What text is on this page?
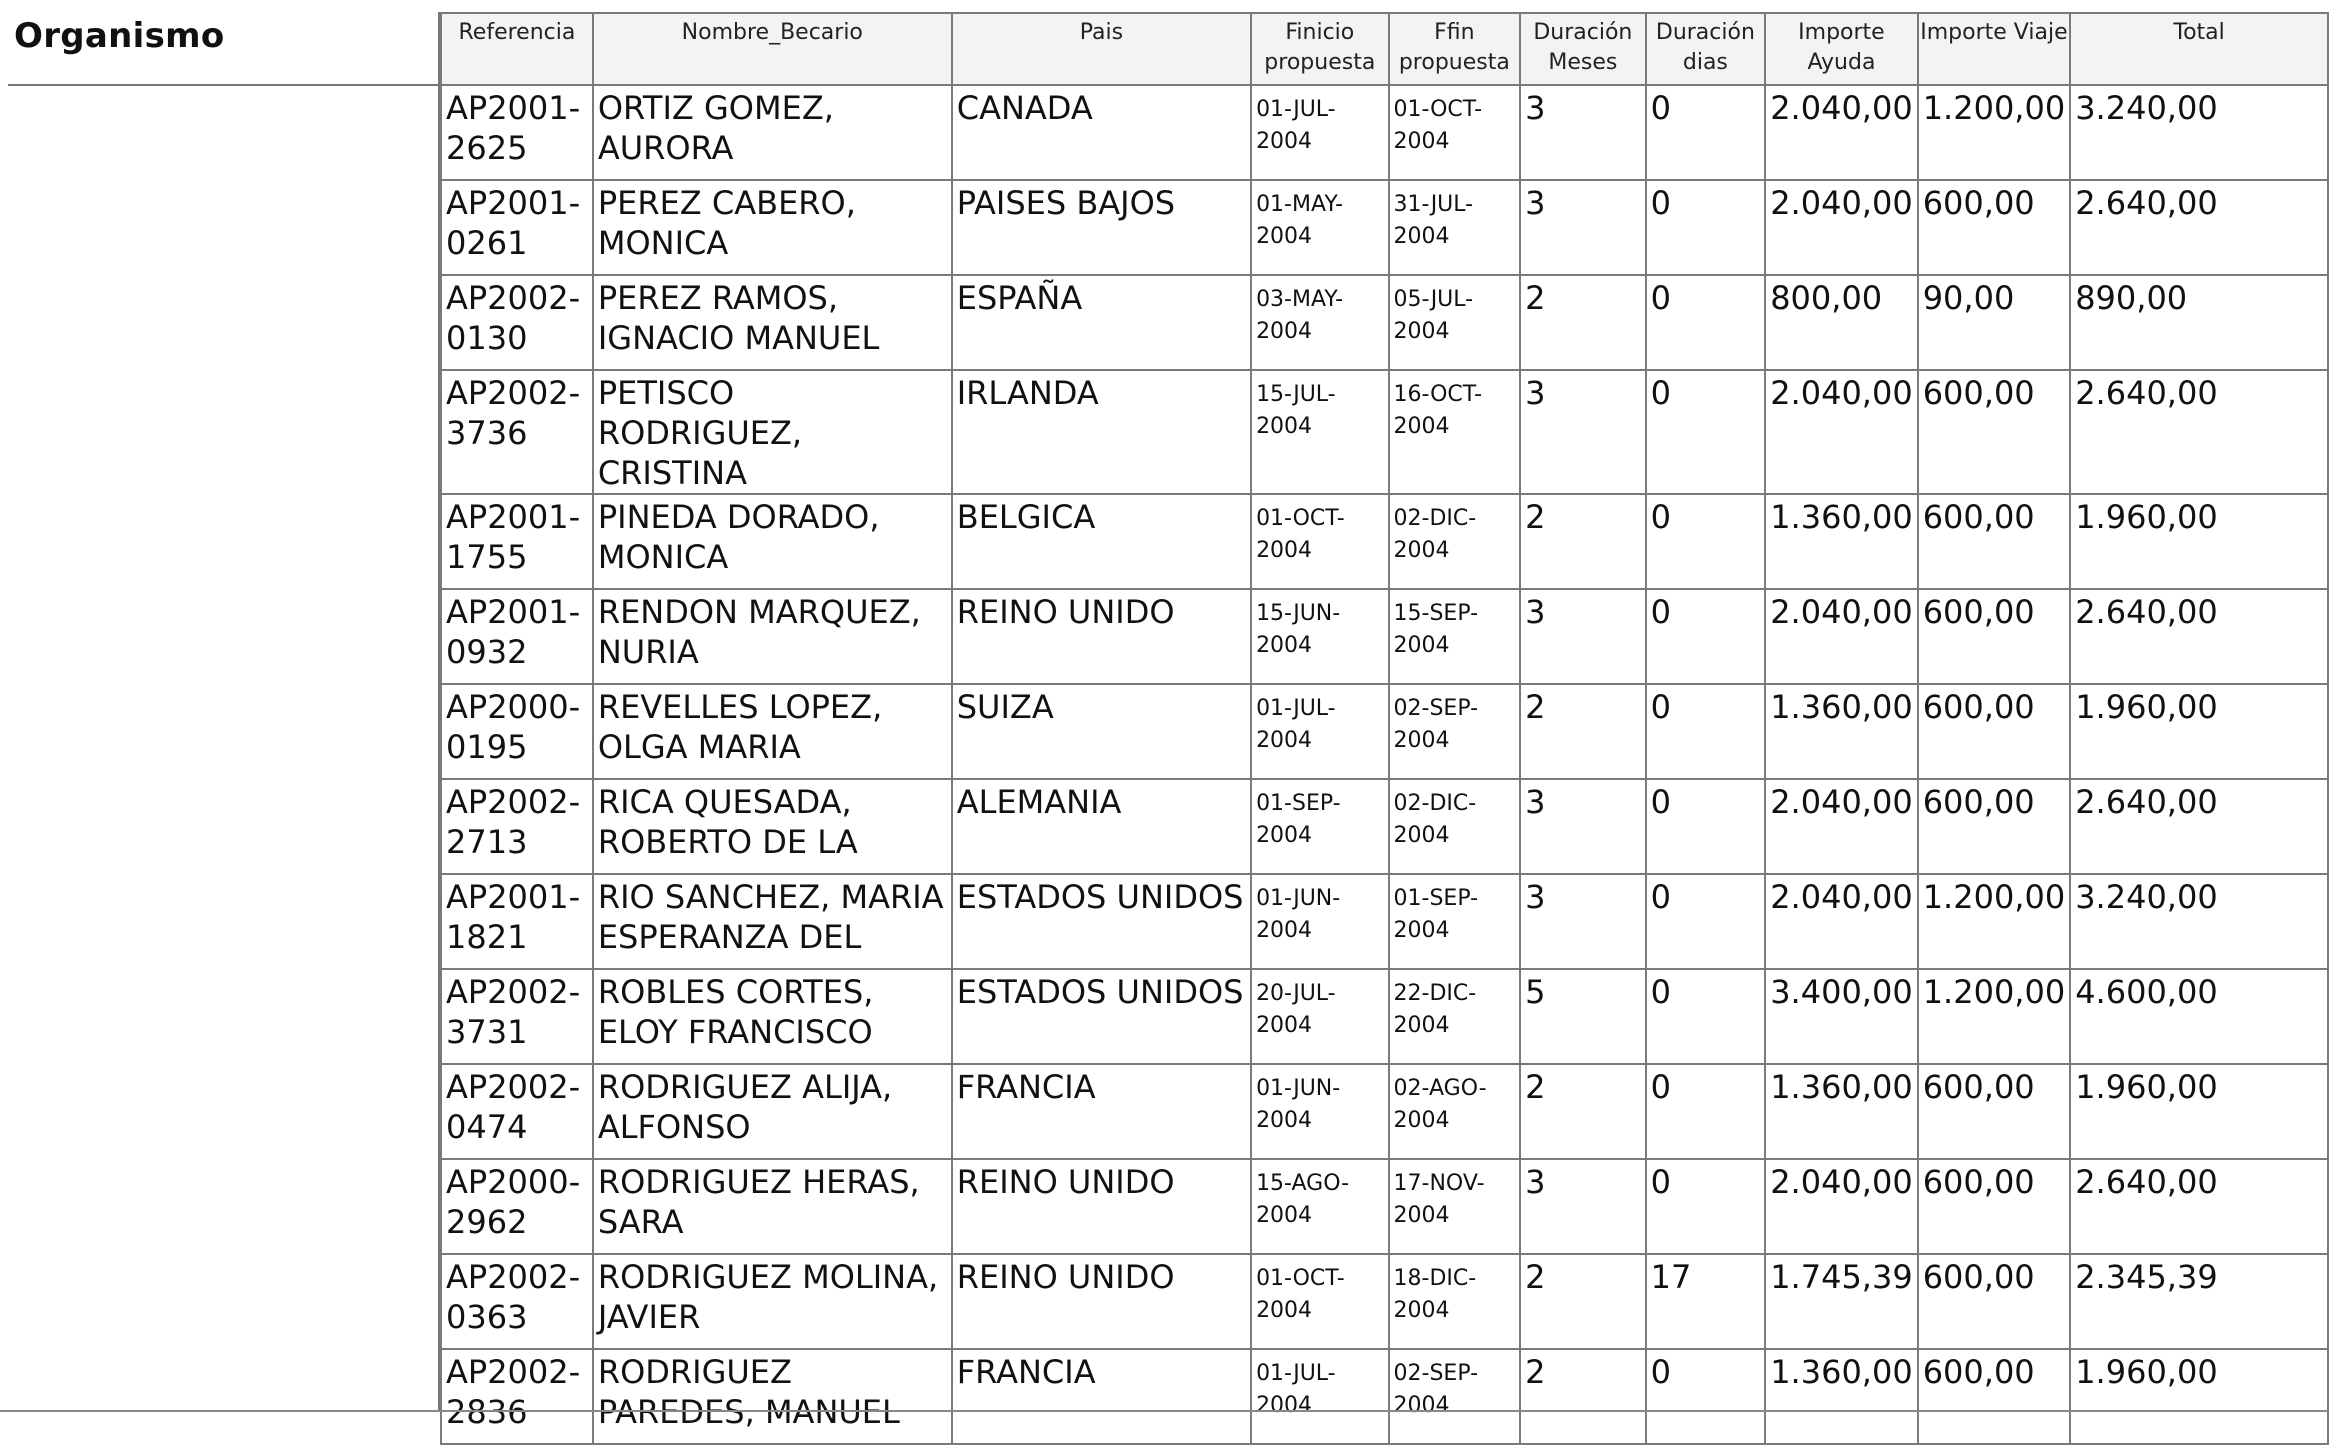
Organismo	Referencia	Nombre_Becario	Pais	Finicio propuesta	Ffin propuesta	Duración Meses	Duración dias	Importe Ayuda	Importe Viaje	Total
AP2001-2625	ORTIZ GOMEZ, AURORA	CANADA	01-JUL-2004	01-OCT-2004	3	0	2.040,00	1.200,00	3.240,00
AP2001-0261	PEREZ CABERO, MONICA	PAISES BAJOS	01-MAY-2004	31-JUL-2004	3	0	2.040,00	600,00	2.640,00
AP2002-0130	PEREZ RAMOS, IGNACIO MANUEL	ESPAÑA	03-MAY-2004	05-JUL-2004	2	0	800,00	90,00	890,00
AP2002-3736	PETISCO RODRIGUEZ, CRISTINA	IRLANDA	15-JUL-2004	16-OCT-2004	3	0	2.040,00	600,00	2.640,00
AP2001-1755	PINEDA DORADO, MONICA	BELGICA	01-OCT-2004	02-DIC-2004	2	0	1.360,00	600,00	1.960,00
AP2001-0932	RENDON MARQUEZ, NURIA	REINO UNIDO	15-JUN-2004	15-SEP-2004	3	0	2.040,00	600,00	2.640,00
AP2000-0195	REVELLES LOPEZ, OLGA MARIA	SUIZA	01-JUL-2004	02-SEP-2004	2	0	1.360,00	600,00	1.960,00
AP2002-2713	RICA QUESADA, ROBERTO DE LA	ALEMANIA	01-SEP-2004	02-DIC-2004	3	0	2.040,00	600,00	2.640,00
AP2001-1821	RIO SANCHEZ, MARIA ESPERANZA DEL	ESTADOS UNIDOS	01-JUN-2004	01-SEP-2004	3	0	2.040,00	1.200,00	3.240,00
AP2002-3731	ROBLES CORTES, ELOY FRANCISCO	ESTADOS UNIDOS	20-JUL-2004	22-DIC-2004	5	0	3.400,00	1.200,00	4.600,00
AP2002-0474	RODRIGUEZ ALIJA, ALFONSO	FRANCIA	01-JUN-2004	02-AGO-2004	2	0	1.360,00	600,00	1.960,00
AP2000-2962	RODRIGUEZ HERAS, SARA	REINO UNIDO	15-AGO-2004	17-NOV-2004	3	0	2.040,00	600,00	2.640,00
AP2002-0363	RODRIGUEZ MOLINA, JAVIER	REINO UNIDO	01-OCT-2004	18-DIC-2004	2	17	1.745,39	600,00	2.345,39
AP2002-2836	RODRIGUEZ PAREDES, MANUEL	FRANCIA	01-JUL-2004	02-SEP-2004	2	0	1.360,00	600,00	1.960,00
